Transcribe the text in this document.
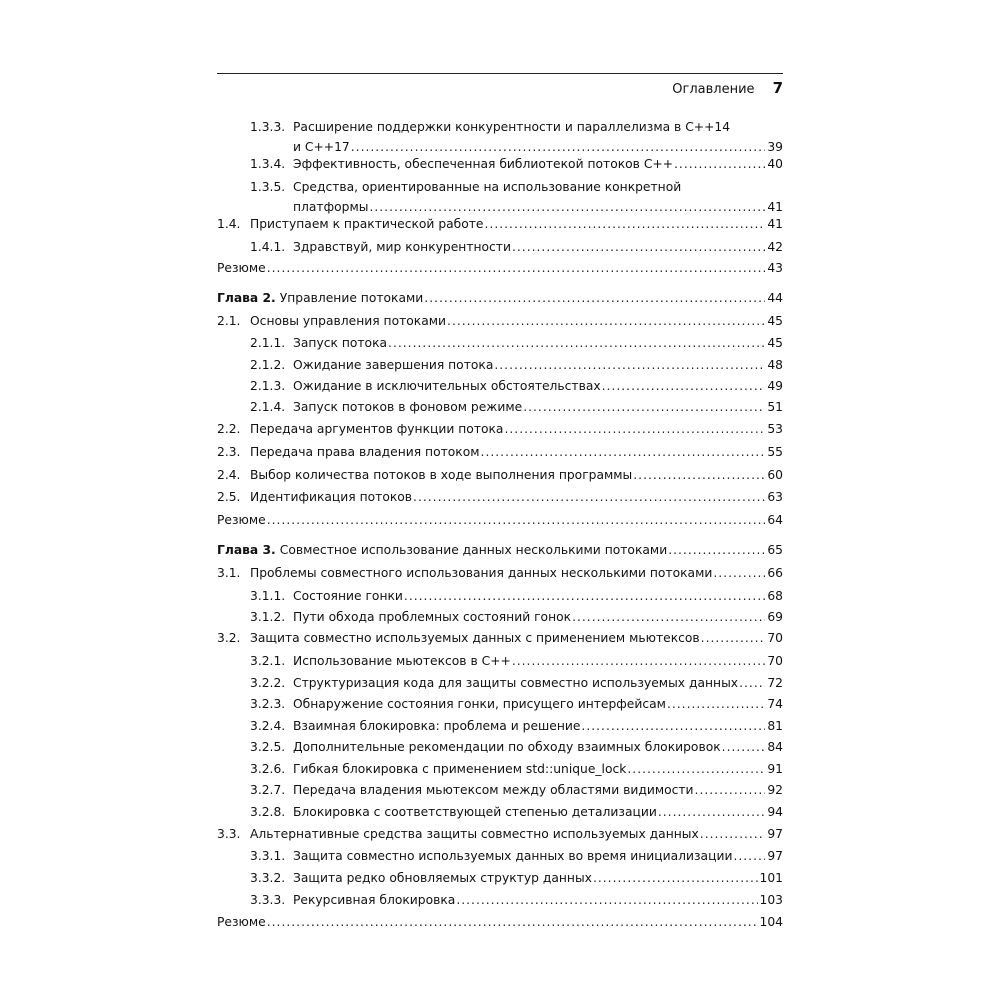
Оглавление 7
1.3.3. Расширение поддержки конкурентности и параллелизма в C++14
и C++17 .....	39
1.3.4. Эффективность, обеспеченная библиотекой потоков C++ .....	40
1.3.5. Средства, ориентированные на использование конкретной
платформы .....	41
1.4. Приступаем к практической работе .....	41
1.4.1. Здравствуй, мир конкурентности .....	42
Резюме .....	43
Глава 2. Управление потоками .....	44
2.1. Основы управления потоками .....	45
2.1.1. Запуск потока .....	45
2.1.2. Ожидание завершения потока .....	48
2.1.3. Ожидание в исключительных обстоятельствах .....	49
2.1.4. Запуск потоков в фоновом режиме .....	51
2.2. Передача аргументов функции потока .....	53
2.3. Передача права владения потоком .....	55
2.4. Выбор количества потоков в ходе выполнения программы .....	60
2.5. Идентификация потоков .....	63
Резюме .....	64
Глава 3. Совместное использование данных несколькими потоками .....	65
3.1. Проблемы совместного использования данных несколькими потоками .....	66
3.1.1. Состояние гонки .....	68
3.1.2. Пути обхода проблемных состояний гонок .....	69
3.2. Защита совместно используемых данных с применением мьютексов .....	70
3.2.1. Использование мьютексов в C++ .....	70
3.2.2. Структуризация кода для защиты совместно используемых данных ..... 72
3.2.3. Обнаружение состояния гонки, присущего интерфейсам .....	74
3.2.4. Взаимная блокировка: проблема и решение .....	81
3.2.5. Дополнительные рекомендации по обходу взаимных блокировок .....	84
3.2.6. Гибкая блокировка с применением std::unique_lock .....	91
3.2.7. Передача владения мьютексом между областями видимости .....	92
3.2.8. Блокировка с соответствующей степенью детализации .....	94
3.3. Альтернативные средства защиты совместно используемых данных .....	97
3.3.1. Защита совместно используемых данных во время инициализации .....	97
3.3.2. Защита редко обновляемых структур данных .....	101
3.3.3. Рекурсивная блокировка .....	103
Резюме .....	104
